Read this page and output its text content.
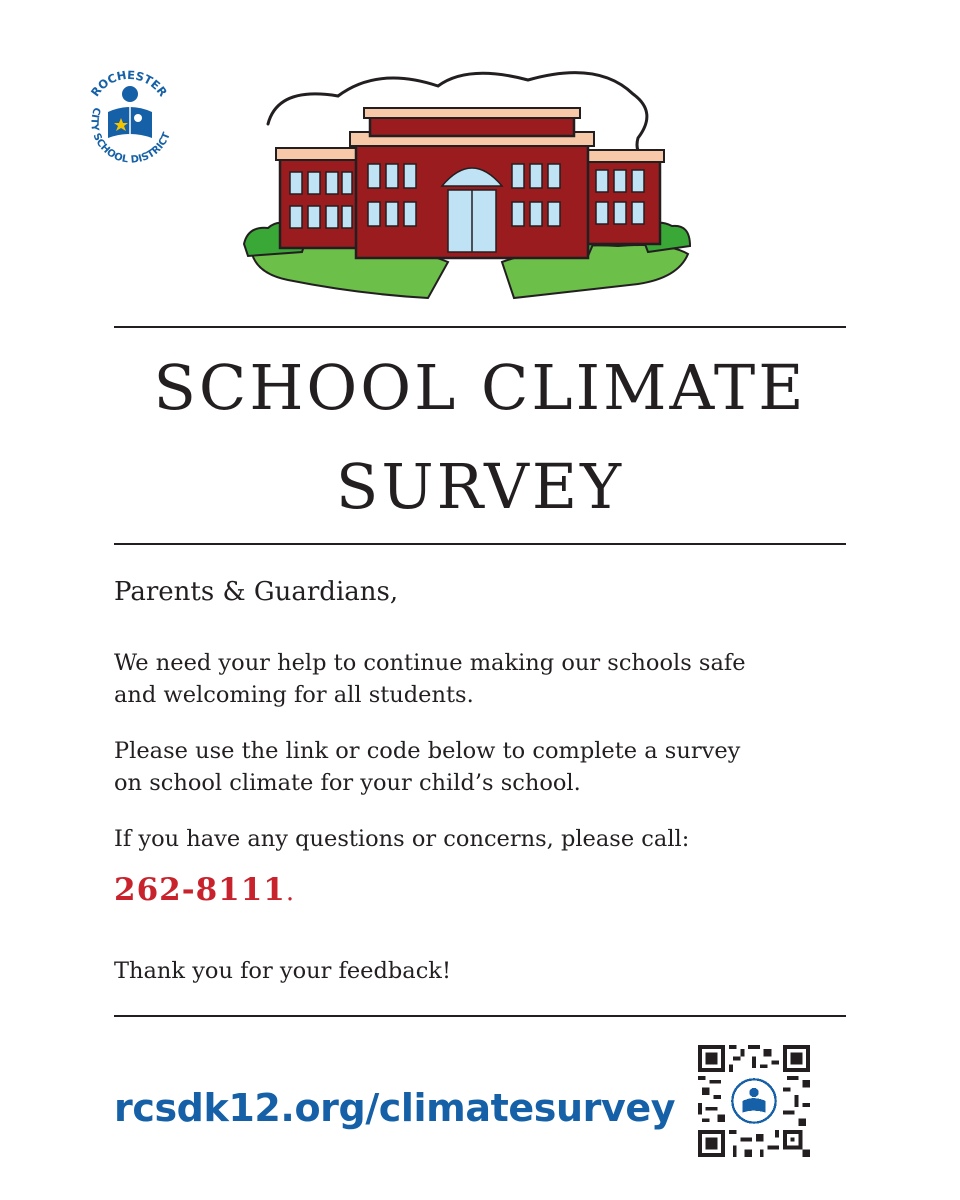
ROCHESTER
CITY SCHOOL DISTRICT
SCHOOL CLIMATE
SURVEY
Parents & Guardians,
We need your help to continue making our schools safe
and welcoming for all students.
Please use the link or code below to complete a survey
on school climate for your child’s school.
If you have any questions or concerns, please call:
262-8111.
Thank you for your feedback!
rcsdk12.org/climatesurvey
